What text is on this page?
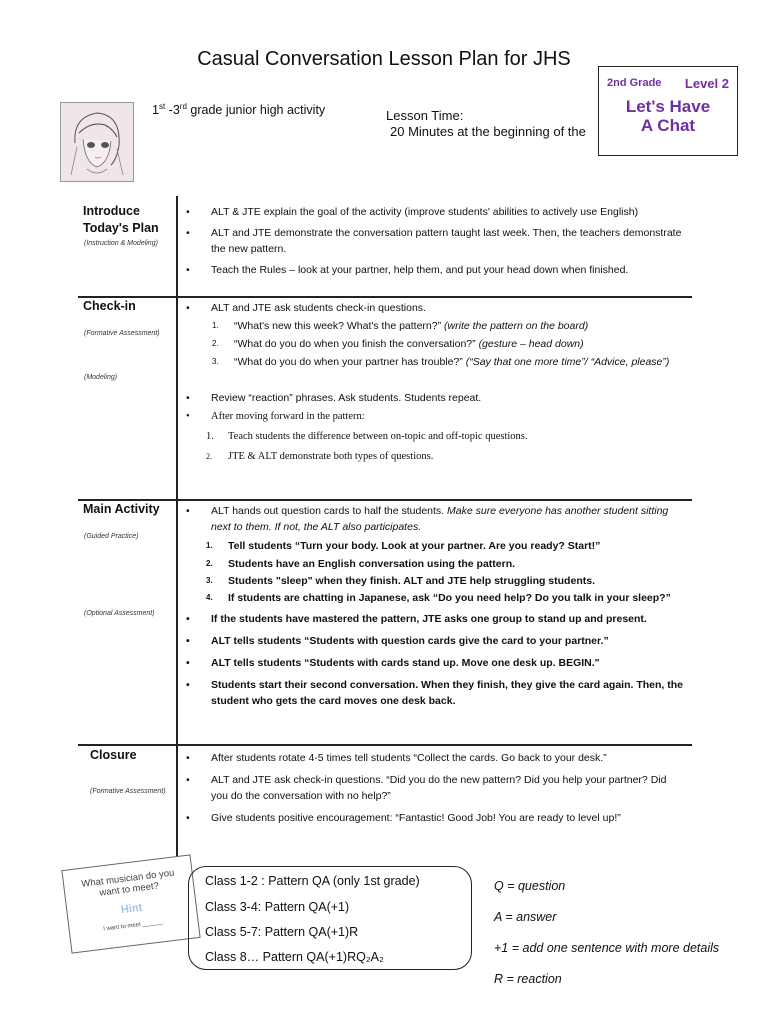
Casual Conversation Lesson Plan for JHS
1st -3rd grade junior high activity	Lesson Time:
20 Minutes at the beginning of the
2nd Grade Level 2
Let's Have
A Chat
Introduce
Today's Plan
(Instruction & Modeling)
• ALT & JTE explain the goal of the activity (improve students' abilities to actively use English)
• ALT and JTE demonstrate the conversation pattern taught last week. Then, the teachers demonstrate the new pattern.
• Teach the Rules – look at your partner, help them, and put your head down when finished.
Check-in
(Formative Assessment)
(Modeling)
• ALT and JTE ask students check-in questions.
1. “What's new this week? What's the pattern?” (write the pattern on the board)
2. “What do you do when you finish the conversation?” (gesture – head down)
3. “What do you do when your partner has trouble?” (“Say that one more time”/ “Advice, please”)
• Review “reaction” phrases. Ask students. Students repeat.
• After moving forward in the pattern:
1. Teach students the difference between on-topic and off-topic questions.
2. JTE & ALT demonstrate both types of questions.
Main Activity
(Guided Practice)
(Optional Assessment)
• ALT hands out question cards to half the students. Make sure everyone has another student sitting next to them. If not, the ALT also participates.
1. Tell students “Turn your body. Look at your partner. Are you ready? Start!”
2. Students have an English conversation using the pattern.
3. Students "sleep" when they finish. ALT and JTE help struggling students.
4. If students are chatting in Japanese, ask “Do you need help? Do you talk in your sleep?”
• If the students have mastered the pattern, JTE asks one group to stand up and present.
• ALT tells students “Students with question cards give the card to your partner.”
• ALT tells students “Students with cards stand up. Move one desk up. BEGIN."
• Students start their second conversation. When they finish, they give the card again. Then, the student who gets the card moves one desk back.
Closure
(Formative Assessment)
• After students rotate 4-5 times tell students “Collect the cards. Go back to your desk.”
• ALT and JTE ask check-in questions. “Did you do the new pattern? Did you help your partner? Did you do the conversation with no help?”
• Give students positive encouragement: “Fantastic! Good Job! You are ready to level up!”
What musician do you want to meet?
Hint
I want to meet ______.
Class 1-2 : Pattern QA (only 1st grade)
Class 3-4: Pattern QA(+1)
Class 5-7: Pattern QA(+1)R
Class 8… Pattern QA(+1)RQ₂A₂
Q = question
A = answer
+1 = add one sentence with more details
R = reaction
